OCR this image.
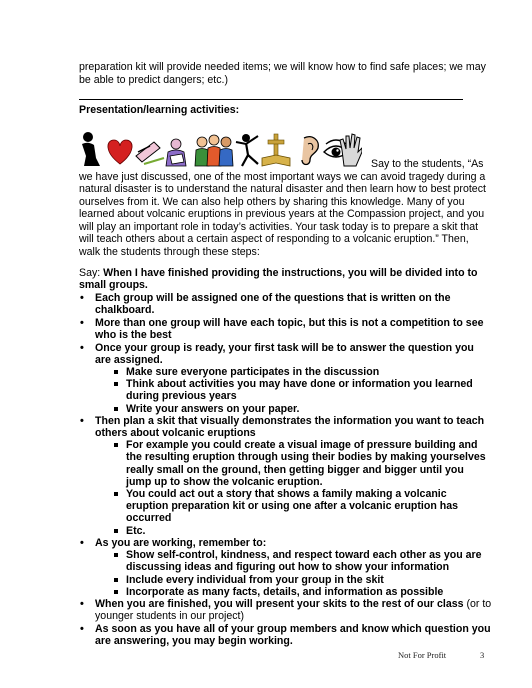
preparation kit will provide needed items; we will know how to find safe places; we may
be able to predict dangers; etc.)
Presentation/learning activities:
Say to the students, “As
we have just discussed, one of the most important ways we can avoid tragedy during a
natural disaster is to understand the natural disaster and then learn how to best protect
ourselves from it. We can also help others by sharing this knowledge. Many of you
learned about volcanic eruptions in previous years at the Compassion project, and you
will play an important role in today’s activities. Your task today is to prepare a skit that
will teach others about a certain aspect of responding to a volcanic eruption.” Then,
walk the students through these steps:
Say: When I have finished providing the instructions, you will be divided into to
small groups.
• Each group will be assigned one of the questions that is written on the
chalkboard.
• More than one group will have each topic, but this is not a competition to see
who is the best
• Once your group is ready, your first task will be to answer the question you
are assigned.
Make sure everyone participates in the discussion
Think about activities you may have done or information you learned
during previous years
Write your answers on your paper.
• Then plan a skit that visually demonstrates the information you want to teach
others about volcanic eruptions
For example you could create a visual image of pressure building and
the resulting eruption through using their bodies by making yourselves
really small on the ground, then getting bigger and bigger until you
jump up to show the volcanic eruption.
You could act out a story that shows a family making a volcanic
eruption preparation kit or using one after a volcanic eruption has
occurred
Etc.
• As you are working, remember to:
Show self-control, kindness, and respect toward each other as you are
discussing ideas and figuring out how to show your information
Include every individual from your group in the skit
Incorporate as many facts, details, and information as possible
• When you are finished, you will present your skits to the rest of our class (or to
younger students in our project)
• As soon as you have all of your group members and know which question you
are answering, you may begin working.
Not For Profit	3
